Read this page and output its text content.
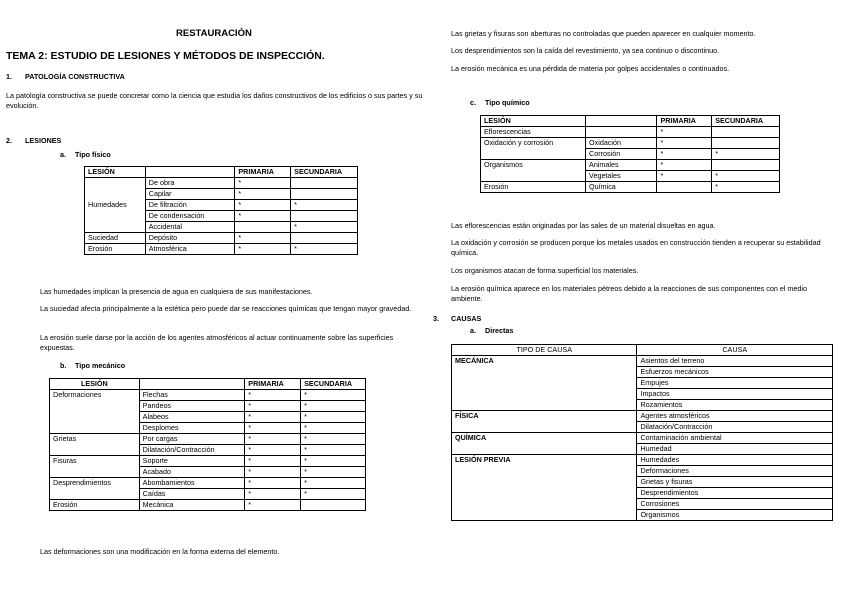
RESTAURACIÓN
TEMA 2: ESTUDIO DE LESIONES Y MÉTODOS DE INSPECCIÓN.
1. PATOLOGÍA CONSTRUCTIVA
La patología constructiva se puede concretar como la ciencia que estudia los daños constructivos de los edificios o sus partes y su evolución.
2. LESIONES
a. Tipo físico
LESIÓN		PRIMARIA	SECUNDARIA
Humedades	De obra	*	
	Capilar	*	
	De filtración	*	*
	De condensación	*	
	Accidental		*
Suciedad	Depósito	*	
Erosión	Atmosférica	*	*
Las humedades implican la presencia de agua en cualquiera de sus manifestaciones.
La suciedad afecta principalmente a la estética pero puede dar se reacciones químicas que tengan mayor gravedad.
La erosión suele darse por la acción de los agentes atmosféricos al actuar continuamente sobre las superficies expuestas.
b. Tipo mecánico
LESIÓN		PRIMARIA	SECUNDARIA
Deformaciones	Flechas	*	*
	Pandeos	*	*
	Alabeos	*	*
	Desplomes	*	*
Grietas	Por cargas	*	*
	Dilatación/Contracción	*	*
Fisuras	Soporte	*	*
	Acabado	*	*
Desprendimientos	Abombamientos	*	*
	Caídas	*	*
Erosión	Mecánica	*	
Las deformaciones son una modificación en la forma externa del elemento.
Las grietas y fisuras son aberturas no controladas que pueden aparecer en cualquier momento.
Los desprendimientos son la caída del revestimiento, ya sea continuo o discontinuo.
La erosión mecánica es una pérdida de materia por golpes accidentales o continuados.
c. Tipo químico
LESIÓN		PRIMARIA	SECUNDARIA
Eflorescencias		*	
Oxidación y corrosión	Oxidación	*	
	Corrosión	*	*
Organismos	Animales	*	
	Vegetales	*	*
Erosión	Química		*
Las eflorescencias están originadas por las sales de un material disueltas en agua.
La oxidación y corrosión se producen porque los metales usados en construcción tienden a recuperar su estabilidad química.
Los organismos atacan de forma superficial los materiales.
La erosión química aparece en los materiales pétreos debido a la reacciones de sus componentes con el medio ambiente.
3. CAUSAS
a. Directas
TIPO DE CAUSA	CAUSA
MECÁNICA	Asientos del terreno
	Esfuerzos mecánicos
	Empujes
	Impactos
	Rozamientos
FÍSICA	Agentes atmosféricos
	Dilatación/Contracción
QUÍMICA	Contaminación ambiental
	Humedad
LESIÓN PREVIA	Humedades
	Deformaciones
	Grietas y fisuras
	Desprendimientos
	Corrosiones
	Organismos
